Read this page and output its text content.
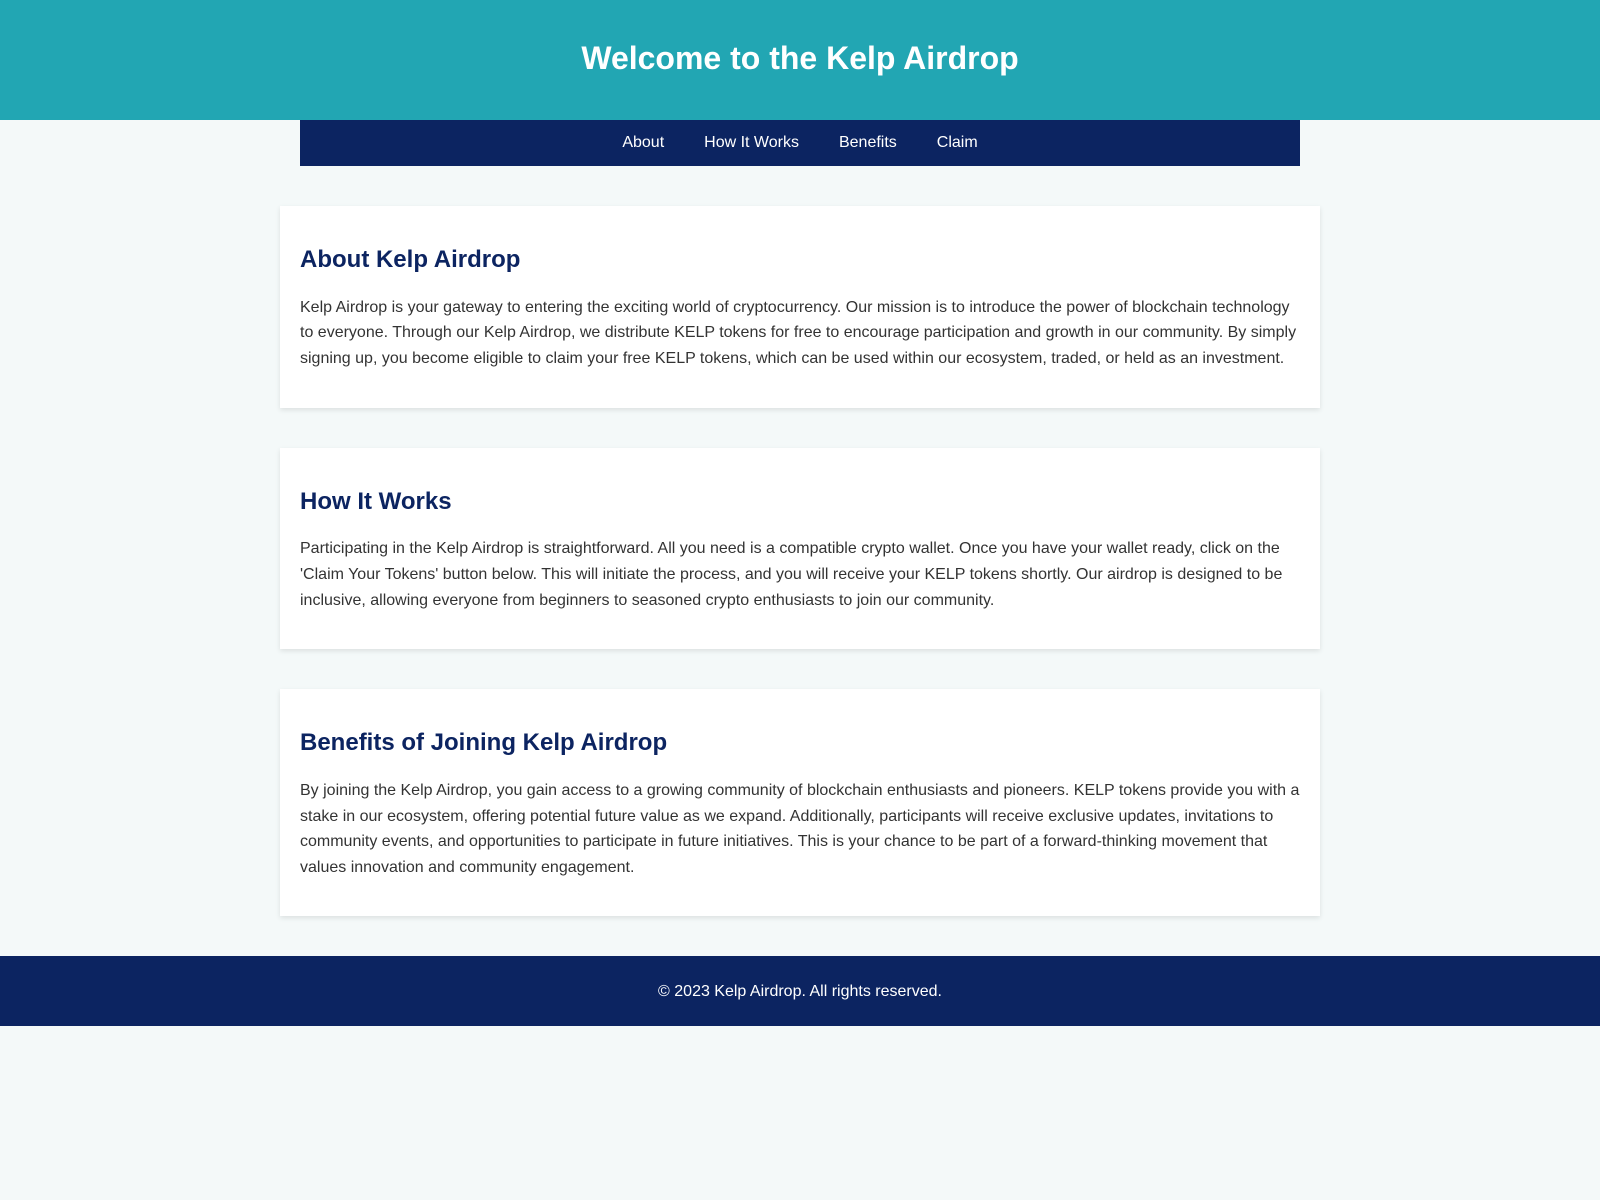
Welcome to the Kelp Airdrop
About	How It Works	Benefits	Claim
About Kelp Airdrop

Kelp Airdrop is your gateway to entering the exciting world of cryptocurrency. Our mission is to introduce the power of blockchain technology to everyone. Through our Kelp Airdrop, we distribute KELP tokens for free to encourage participation and growth in our community. By simply signing up, you become eligible to claim your free KELP tokens, which can be used within our ecosystem, traded, or held as an investment.

How It Works

Participating in the Kelp Airdrop is straightforward. All you need is a compatible crypto wallet. Once you have your wallet ready, click on the 'Claim Your Tokens' button below. This will initiate the process, and you will receive your KELP tokens shortly. Our airdrop is designed to be inclusive, allowing everyone from beginners to seasoned crypto enthusiasts to join our community.

Benefits of Joining Kelp Airdrop

By joining the Kelp Airdrop, you gain access to a growing community of blockchain enthusiasts and pioneers. KELP tokens provide you with a stake in our ecosystem, offering potential future value as we expand. Additionally, participants will receive exclusive updates, invitations to community events, and opportunities to participate in future initiatives. This is your chance to be part of a forward-thinking movement that values innovation and community engagement.

© 2023 Kelp Airdrop. All rights reserved.
